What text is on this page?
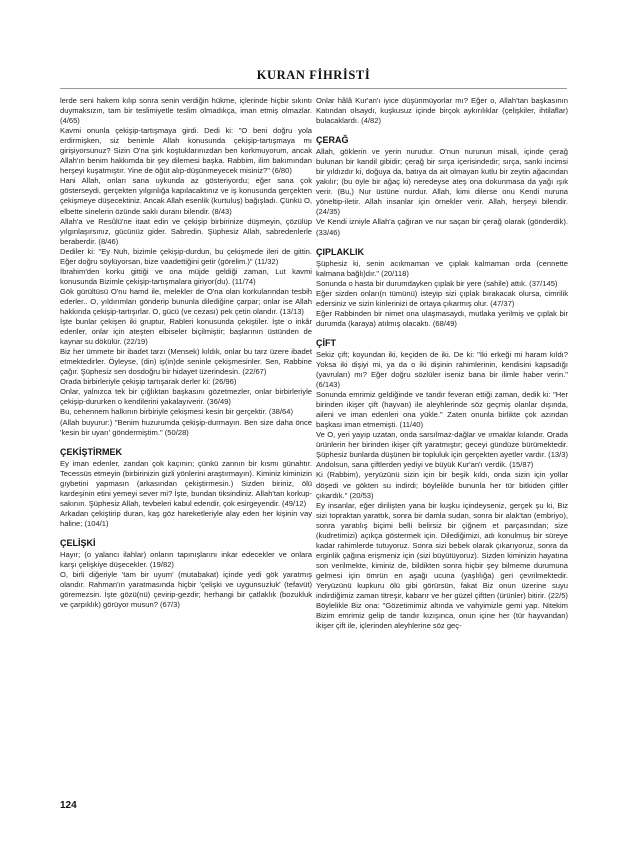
KURAN FİHRİSTİ

lerde seni hakem kılıp sonra senin verdiğin hükme, içlerinde hiçbir sıkıntı duymaksızın, tam bir teslimiyetle teslim olmadıkça, iman etmiş olmazlar. (4/65)

Kavmi onunla çekişip-tartışmaya girdi. Dedi ki: "O beni doğru yola erdirmişken, siz benimle Allah konusunda çekişip-tartışmaya mı girişiyorsunuz? Sizin O'na şirk koştuklarınızdan ben korkmuyorum, ancak Allah'ın benim hakkımda bir şey dilemesi başka. Rabbim, ilim bakımından herşeyi kuşatmıştır. Yine de öğüt alıp-düşünmeyecek misiniz?" (6/80)

Hani Allah, onları sana uykunda az gösteriyordu; eğer sana çok gösterseydi, gerçekten yılgınlığa kapılacaktınız ve iş konusunda gerçekten çekişmeye düşecektiniz. Ancak Allah esenlik (kurtuluş) bağışladı. Çünkü O, elbette sinelerin özünde saklı duranı bilendir. (8/43)

Allah'a ve Resûlü'ne itaat edin ve çekişip birbirinize düşmeyin, çözülüp yılgınlaşırsınız, gücünüz gider. Sabredin. Şüphesiz Allah, sabredenlerle beraberdir. (8/46)

Dediler ki: "Ey Nuh, bizimle çekişip-durdun, bu çekişmede ileri de gittin. Eğer doğru söylüyorsan, bize vaadettiğini getir (görelim.)" (11/32)

İbrahim'den korku gittiği ve ona müjde geldiği zaman, Lut kavmi konusunda Bizimle çekişip-tartışmalara giriyor(du). (11/74)

Gök gürültüsü O'nu hamd ile, melekler de O'na olan korkularından tesbih ederler.. O, yıldırımları gönderip bununla dilediğine çarpar; onlar ise Allah hakkında çekişip-tartışırlar. O, gücü (ve cezası) pek çetin olandır. (13/13)

İşte bunlar çekişen iki gruptur, Rableri konusunda çekiştiler. İşte o inkâr edenler, onlar için ateşten elbiseler biçilmiştir; başlarının üstünden de kaynar su dökülür. (22/19)

Biz her ümmete bir ibadet tarzı (Mensek) kıldık, onlar bu tarz üzere ibadet etmektedirler. Öyleyse, (din) iş(in)de seninle çekişmesinler. Sen, Rabbine çağır. Şüphesiz sen dosdoğru bir hidayet üzerindesin. (22/67)

Orada birbirleriyle çekişip tartışarak derler ki: (26/96)

Onlar, yalnızca tek bir çığlıktan başkasını gözetmezler, onlar birbirleriyle çekişip-dururken o kendilerini yakalayıverir. (36/49)

Bu, cehennem halkının birbiriyle çekişmesi kesin bir gerçektir. (38/64)

(Allah buyurur:) "Benim huzurumda çekişip-durmayın. Ben size daha önce 'kesin bir uyarı' göndermiştim." (50/28)

ÇEKİŞTİRMEK

Ey iman edenler, zandan çok kaçının; çünkü zannın bir kısmı günahtır. Tecessüs etmeyin (birbirinizin gizli yönlerini araştırmayın). Kiminiz kiminizin gıybetini yapmasın (arkasından çekiştirmesin.) Sizden biriniz, ölü kardeşinin etini yemeyi sever mi? İşte, bundan tiksindiniz. Allah'tan korkup-sakının. Şüphesiz Allah, tevbeleri kabul edendir, çok esirgeyendir. (49/12)

Arkadan çekiştirip duran, kaş göz hareketleriyle alay eden her kişinin vay haline; (104/1)

ÇELİŞKİ

Hayır; (o yalancı ilahlar) onların tapınışlarını inkar edecekler ve onlara karşı çelişkiye düşecekler. (19/82)

O, birli diğeriyle 'tam bir uyum' (mutabakat) içinde yedi gök yaratmış olandır. Rahman'ın yaratmasında hiçbir 'çelişki ve uygunsuzluk' (tefavüt) göremezsin. İşte gözü(nü) çevirip-gezdir; herhangi bir çatlaklık (bozukluk ve çarpıklık) görüyor musun? (67/3)

Onlar hâlâ Kur'an'ı iyice düşünmüyorlar mı? Eğer o, Allah'tan başkasının Katından olsaydı, kuşkusuz içinde birçok aykırılıklar (çelişkiler, ihtilaflar) bulacaklardı. (4/82)

ÇERAĞ

Allah, göklerin ve yerin nurudur. O'nun nurunun misali, içinde çerağ bulunan bir kandil gibidir; çerağ bir sırça içerisindedir; sırça, sanki incimsi bir yıldızdır ki, doğuya da, batıya da ait olmayan kutlu bir zeytin ağacından yakılır; (bu öyle bir ağaç ki) neredeyse ateş ona dokunmasa da yağı ışık verir. (Bu,) Nur üstüne nurdur. Allah, kimi dilerse onu Kendi nuruna yöneltip-iletir. Allah insanlar için örnekler verir. Allah, herşeyi bilendir. (24/35)

Ve Kendi izniyle Allah'a çağıran ve nur saçan bir çerağ olarak (gönderdik). (33/46)

ÇIPLAKLIK

Şüphesiz ki, senin acıkmaman ve çıplak kalmaman orda (cennette kalmana bağlı)dır." (20/118)

Sonunda o hasta bir durumdayken çıplak bir yere (sahile) attık. (37/145)

Eğer sizden onları(n tümünü) isteyip sizi çıplak bırakacak olursa, cimrilik edersiniz ve sizin kinlerinizi de ortaya çıkarmış olur. (47/37)

Eğer Rabbinden bir nimet ona ulaşmasaydı, mutlaka yerilmiş ve çıplak bir durumda (karaya) atılmış olacaktı. (68/49)

ÇİFT

Sekiz çift; koyundan iki, keçiden de iki. De ki: "İki erkeği mi haram kıldı? Yoksa iki dişiyi mi, ya da o iki dişinin rahimlerinin, kendisini kapsadığı (yavruları) mı? Eğer doğru sözlüler iseniz bana bir ilimle haber verin." (6/143)

Sonunda emrimiz geldiğinde ve tandır feveran ettiği zaman, dedik ki: "Her birinden ikişer çift (hayvan) ile aleyhlerinde söz geçmiş olanlar dışında, aileni ve iman edenleri ona yükle." Zaten onunla birlikte çok azından başkası iman etmemişti. (11/40)

Ve O, yeri yayıp uzatan, onda sarsılmaz-dağlar ve ırmaklar kılandır. Orada ürünlerin her birinden ikişer çift yaratmıştır; geceyi gündüze bürümektedir. Şüphesiz bunlarda düşünen bir topluluk için gerçekten ayetler vardır. (13/3)

Andolsun, sana çiftlerden yediyi ve büyük Kur'an'ı verdik. (15/87)

Ki (Rabbim), yeryüzünü sizin için bir beşik kıldı, onda sizin için yollar döşedi ve gökten su indirdi; böylelikle bununla her tür bitkiden çiftler çıkardık." (20/53)

Ey insanlar, eğer dirilişten yana bir kuşku içindeyseniz, gerçek şu ki, Biz sizi topraktan yarattık, sonra bir damla sudan, sonra bir alak'tan (embriyo), sonra yaratılış biçimi belli belirsiz bir çiğnem et parçasından; size (kudretimizi) açıkça göstermek için. Dilediğimizi, adı konulmuş bir süreye kadar rahimlerde tutuyoruz. Sonra sizi bebek olarak çıkarıyoruz, sonra da erginlik çağına erişmeniz için (sizi büyütüyoruz). Sizden kiminizin hayatına son verilmekte, kiminiz de, bildikten sonra hiçbir şey bilmeme durumuna gelmesi için ömrün en aşağı ucuna (yaşlılığa) geri çevrilmektedir. Yeryüzünü kupkuru ölü gibi görürsün, fakat Biz onun üzerine suyu indirdiğimiz zaman titreşir, kabarır ve her güzel çiftten (ürünler) bitirir. (22/5)

Böylelikle Biz ona: "Gözetimimiz altında ve vahyimizle gemi yap. Nitekim Bizim emrimiz gelip de tandır kızışınca, onun içine her (tür hayvandan) ikişer çift ile, içlerinden aleyhlerine söz geç-

124
